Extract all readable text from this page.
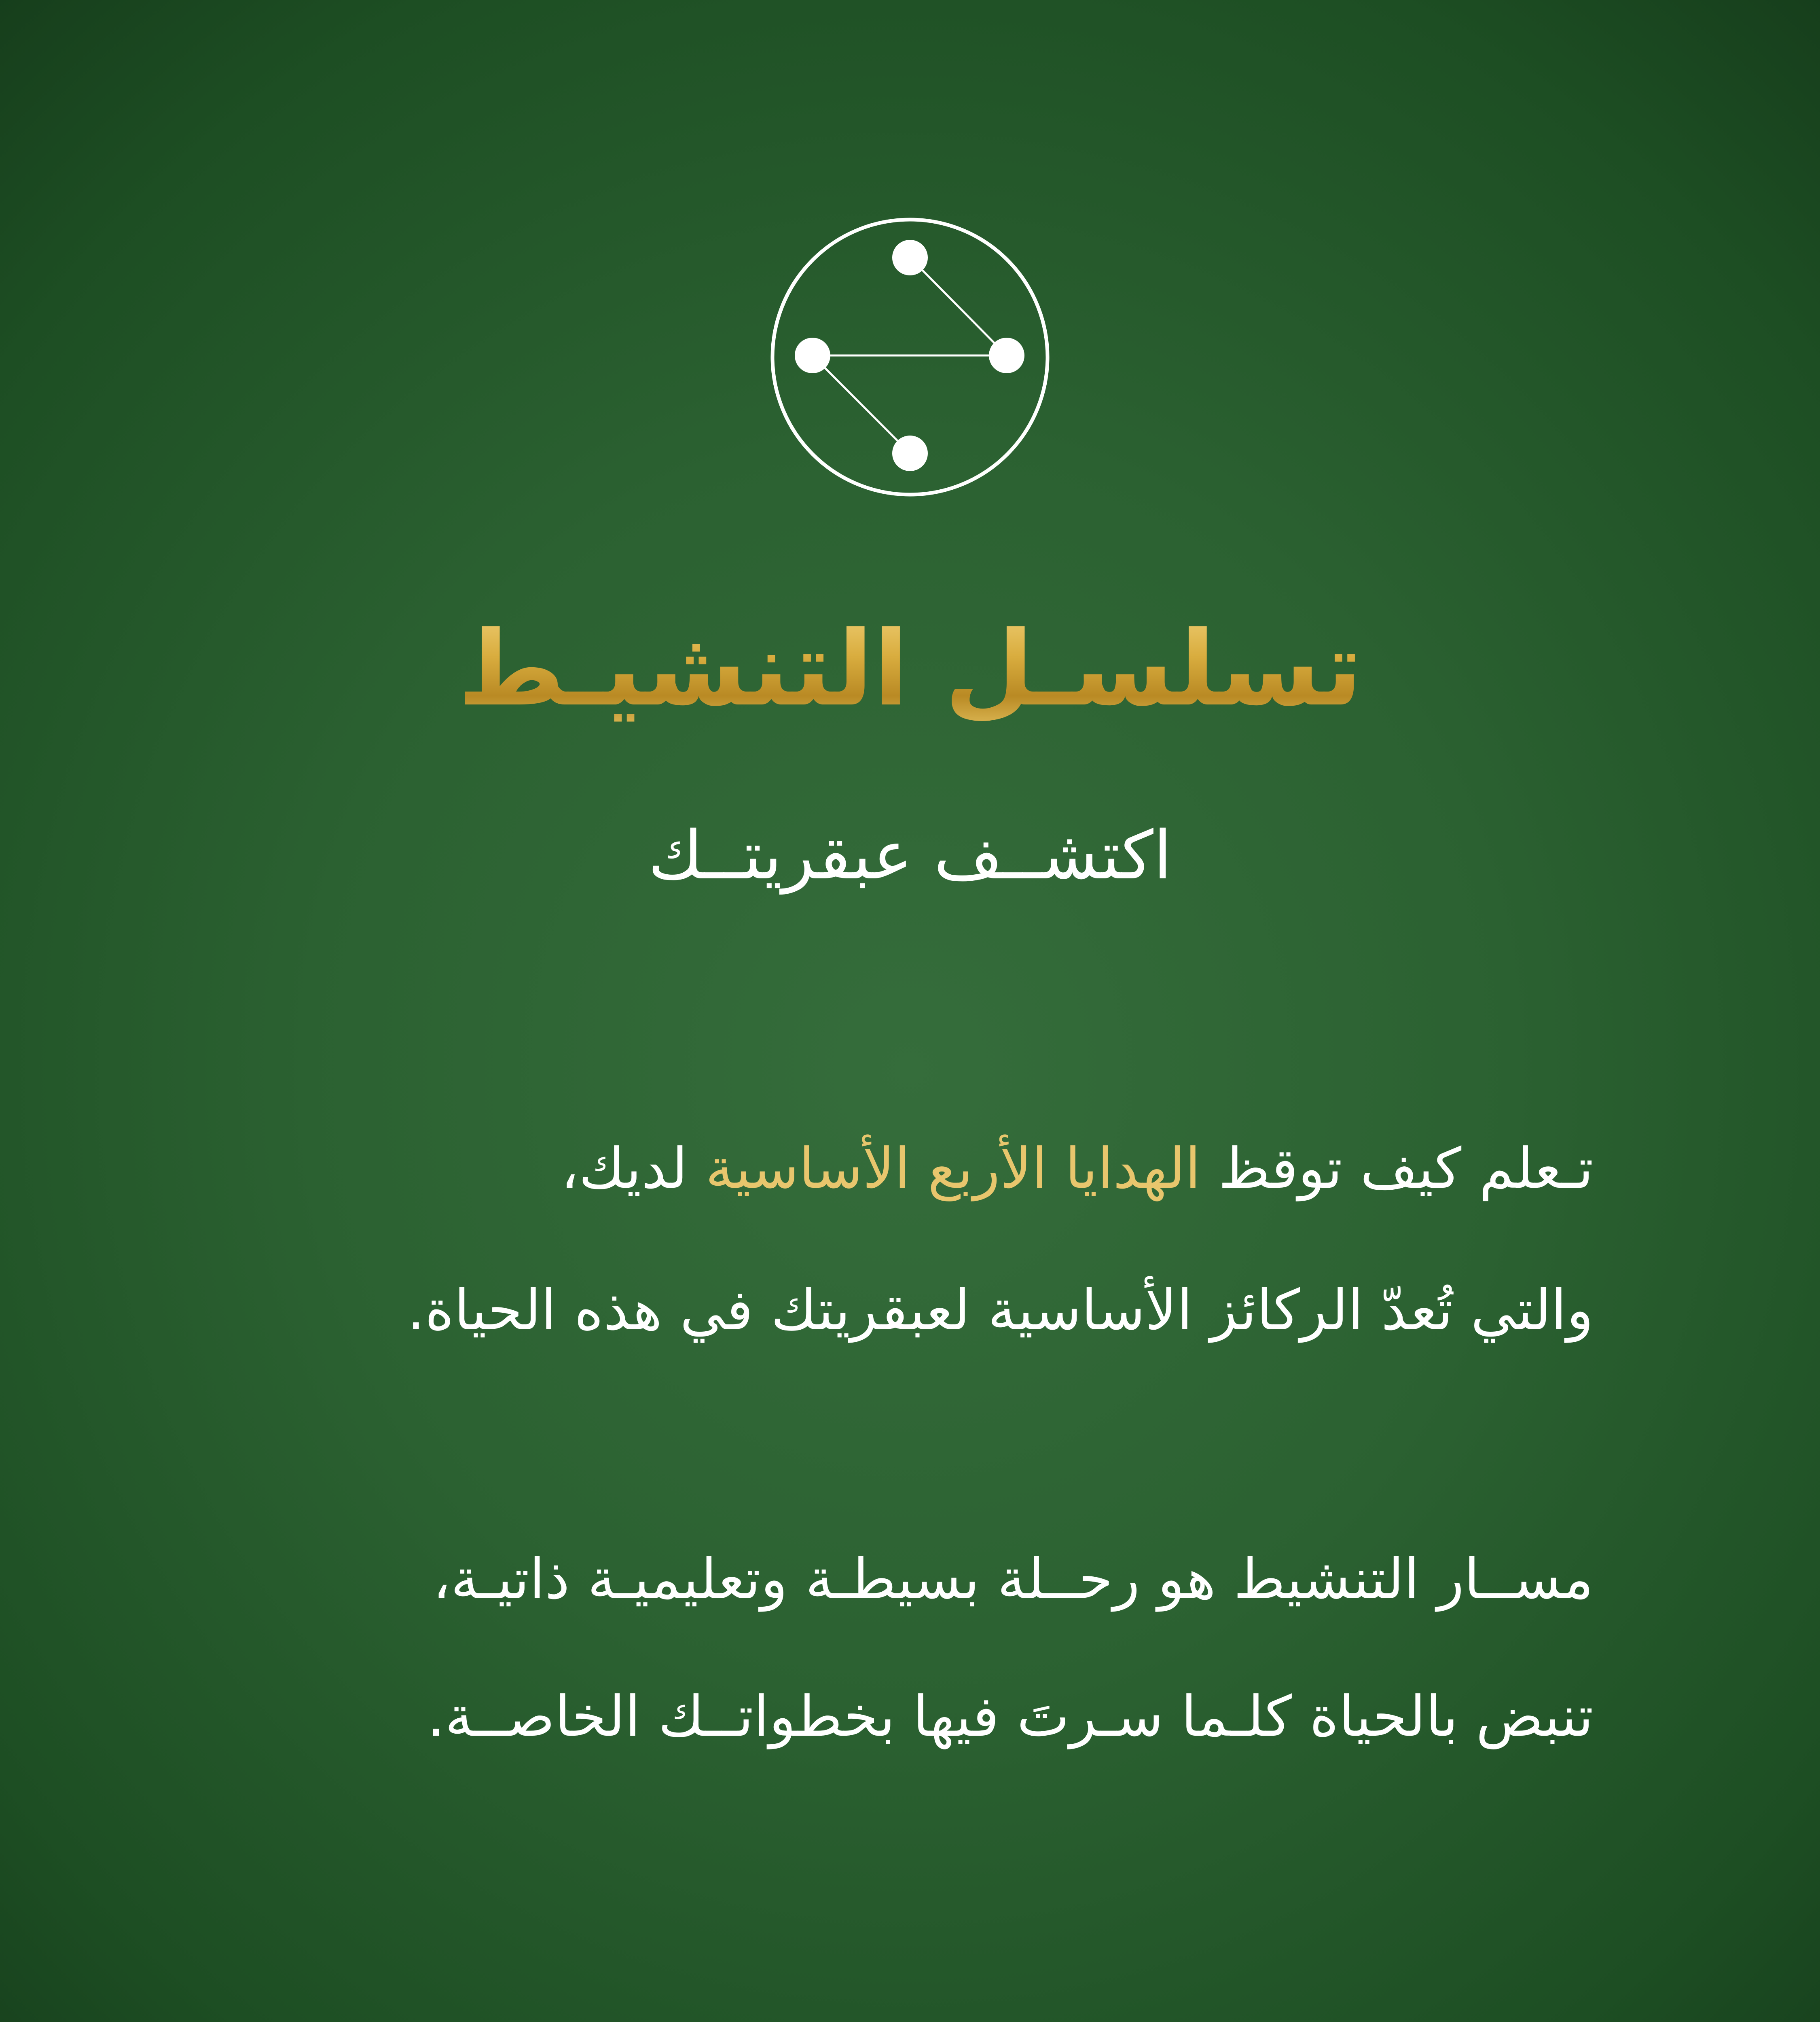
تسلسـل التنشيـط
اكتشــف عبقريتــك
تـعلم كيف توقظ الهدايا الأربع الأساسية لديك،
والتي تُعدّ الركائز الأساسية لعبقريتك في هذه الحياة.
مســار التنشيط هو رحــلة بسيطـة وتعليميـة ذاتيـة،
تنبض بالحياة كلـما سـرتَ فيها بخطواتــك الخاصــة.
